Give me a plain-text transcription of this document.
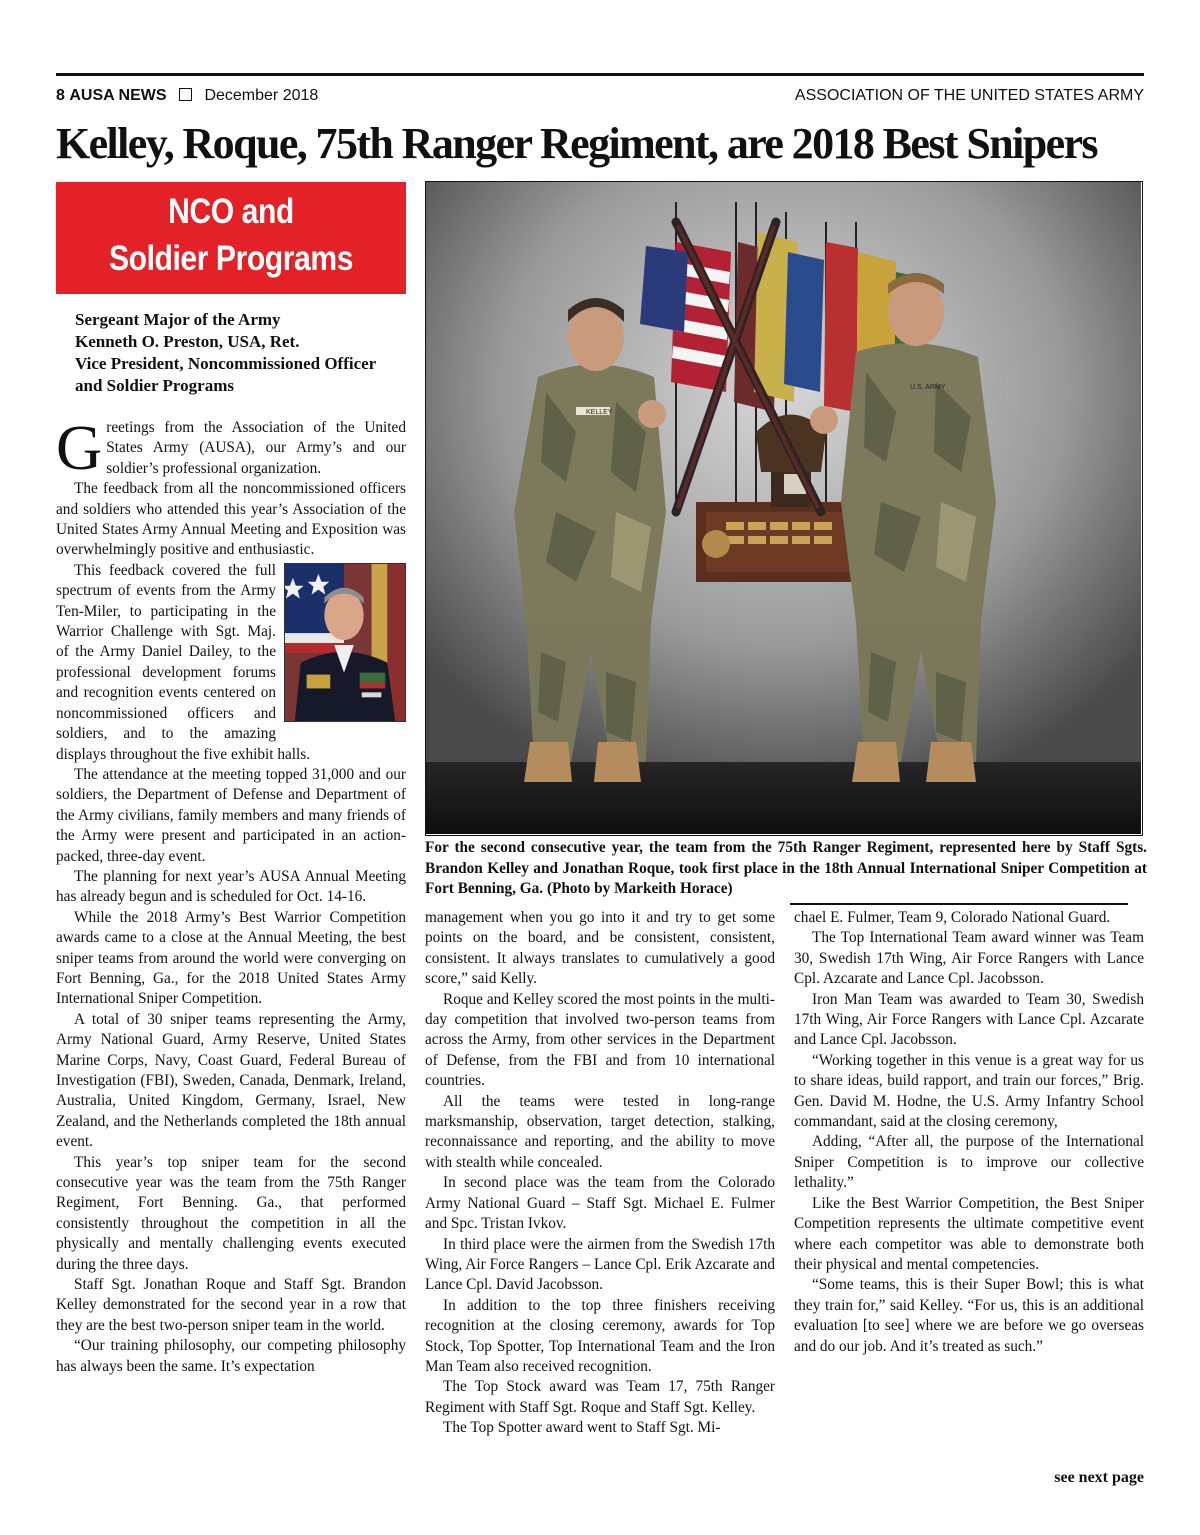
8 AUSA NEWS December 2018	ASSOCIATION OF THE UNITED STATES ARMY
Kelley, Roque, 75th Ranger Regiment, are 2018 Best Snipers
NCO and
Soldier Programs
Sergeant Major of the Army
Kenneth O. Preston, USA, Ret.
Vice President, Noncommissioned Officer
and Soldier Programs

Greetings from the Association of the United States Army (AUSA), our Army’s and our soldier’s professional organization.

The feedback from all the noncommissioned officers and soldiers who attended this year’s Association of the United States Army Annual Meeting and Exposition was overwhelmingly positive and enthusiastic.

This feedback covered the full spectrum of events from the Army Ten-Miler, to participating in the Warrior Challenge with Sgt. Maj. of the Army Daniel Dailey, to the professional development forums and recognition events centered on noncommissioned officers and soldiers, and to the amazing displays throughout the five exhibit halls.

The attendance at the meeting topped 31,000 and our soldiers, the Department of Defense and Department of the Army civilians, family members and many friends of the Army were present and participated in an action-packed, three-day event.

The planning for next year’s AUSA Annual Meeting has already begun and is scheduled for Oct. 14-16.

While the 2018 Army’s Best Warrior Competition awards came to a close at the Annual Meeting, the best sniper teams from around the world were converging on Fort Benning, Ga., for the 2018 United States Army International Sniper Competition.

A total of 30 sniper teams representing the Army, Army National Guard, Army Reserve, United States Marine Corps, Navy, Coast Guard, Federal Bureau of Investigation (FBI), Sweden, Canada, Denmark, Ireland, Australia, United Kingdom, Germany, Israel, New Zealand, and the Netherlands completed the 18th annual event.

This year’s top sniper team for the second consecutive year was the team from the 75th Ranger Regiment, Fort Benning. Ga., that performed consistently throughout the competition in all the physically and mentally challenging events executed during the three days.

Staff Sgt. Jonathan Roque and Staff Sgt. Brandon Kelley demonstrated for the second year in a row that they are the best two-person sniper team in the world.

“Our training philosophy, our competing philosophy has always been the same. It’s expectation

KELLEY
U.S. ARMY
For the second consecutive year, the team from the 75th Ranger Regiment, represented here by Staff Sgts. Brandon Kelley and Jonathan Roque, took first place in the 18th Annual International Sniper Competition at Fort Benning, Ga. (Photo by Markeith Horace)

management when you go into it and try to get some points on the board, and be consistent, consistent, consistent. It always translates to cumulatively a good score,” said Kelly.

Roque and Kelley scored the most points in the multi-day competition that involved two-person teams from across the Army, from other services in the Department of Defense, from the FBI and from 10 international countries.

All the teams were tested in long-range marksmanship, observation, target detection, stalking, reconnaissance and reporting, and the ability to move with stealth while concealed.

In second place was the team from the Colorado Army National Guard – Staff Sgt. Michael E. Fulmer and Spc. Tristan Ivkov.

In third place were the airmen from the Swedish 17th Wing, Air Force Rangers – Lance Cpl. Erik Azcarate and Lance Cpl. David Jacobsson.

In addition to the top three finishers receiving recognition at the closing ceremony, awards for Top Stock, Top Spotter, Top International Team and the Iron Man Team also received recognition.

The Top Stock award was Team 17, 75th Ranger Regiment with Staff Sgt. Roque and Staff Sgt. Kelley.

The Top Spotter award went to Staff Sgt. Mi-

chael E. Fulmer, Team 9, Colorado National Guard.

The Top International Team award winner was Team 30, Swedish 17th Wing, Air Force Rangers with Lance Cpl. Azcarate and Lance Cpl. Jacobsson.

Iron Man Team was awarded to Team 30, Swedish 17th Wing, Air Force Rangers with Lance Cpl. Azcarate and Lance Cpl. Jacobsson.

“Working together in this venue is a great way for us to share ideas, build rapport, and train our forces,” Brig. Gen. David M. Hodne, the U.S. Army Infantry School commandant, said at the closing ceremony,

Adding, “After all, the purpose of the International Sniper Competition is to improve our collective lethality.”

Like the Best Warrior Competition, the Best Sniper Competition represents the ultimate competitive event where each competitor was able to demonstrate both their physical and mental competencies.

“Some teams, this is their Super Bowl; this is what they train for,” said Kelley. “For us, this is an additional evaluation [to see] where we are before we go overseas and do our job. And it’s treated as such.”

see next page
